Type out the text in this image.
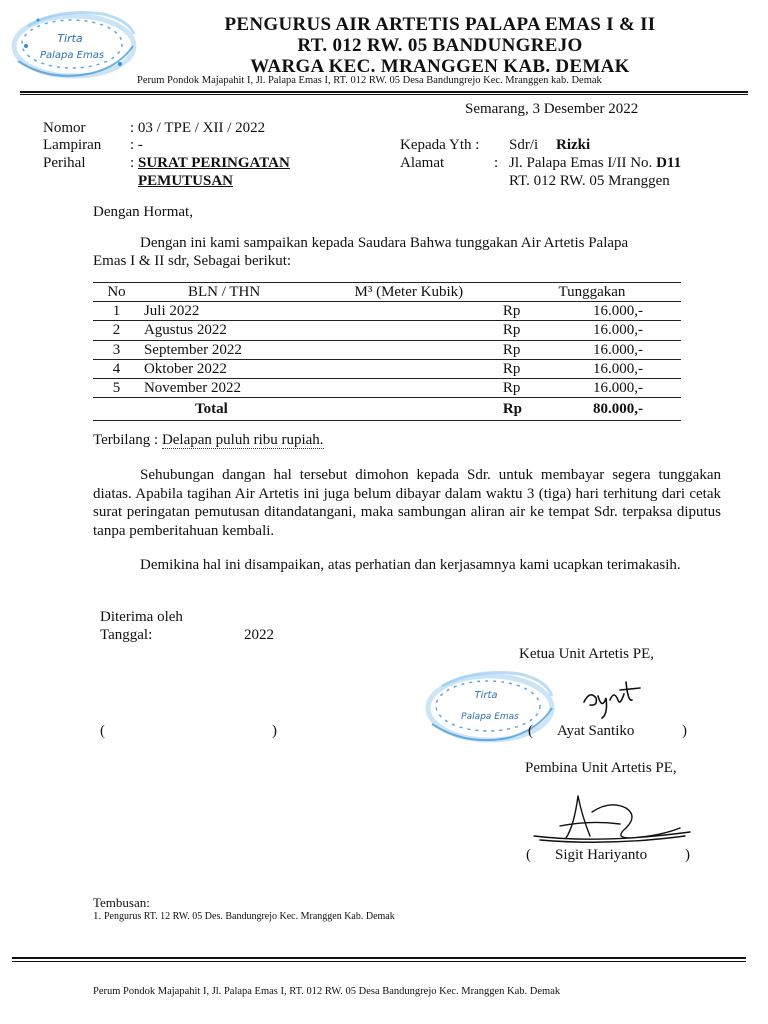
Tirta
Palapa Emas
PENGURUS AIR ARTETIS PALAPA EMAS I & II
RT. 012 RW. 05 BANDUNGREJO
WARGA KEC. MRANGGEN KAB. DEMAK
Perum Pondok Majapahit I, Jl. Palapa Emas I, RT. 012 RW. 05 Desa Bandungrejo Kec. Mranggen kab. Demak
Semarang, 3 Desember 2022
Nomor	: 03 / TPE / XII / 2022
Lampiran : -
Perihal	: SURAT PERINGATAN
PEMUTUSAN
Kepada Yth : Sdr/i Rizki
Alamat	: Jl. Palapa Emas I/II No. D11
RT. 012 RW. 05 Mranggen
Dengan Hormat,
Dengan ini kami sampaikan kepada Saudara Bahwa tunggakan Air Artetis Palapa
Emas I & II sdr, Sebagai berikut:
No	BLN / THN	M³ (Meter Kubik)	Tunggakan	
1	Juli 2022		Rp	16.000,-
2	Agustus 2022		Rp	16.000,-
3	September 2022		Rp	16.000,-
4	Oktober 2022		Rp	16.000,-
5	November 2022		Rp	16.000,-
	Total		Rp	80.000,-
Terbilang : Delapan puluh ribu rupiah.
Sehubungan dangan hal tersebut dimohon kepada Sdr. untuk membayar segera tunggakan diatas. Apabila tagihan Air Artetis ini juga belum dibayar dalam waktu 3 (tiga) hari terhitung dari cetak surat peringatan pemutusan ditandatangani, maka sambungan aliran air ke tempat Sdr. terpaksa diputus tanpa pemberitahuan kembali.
Demikina hal ini disampaikan, atas perhatian dan kerjasamnya kami ucapkan terimakasih.
Diterima oleh
Tanggal:	2022
(	)
Ketua Unit Artetis PE,
Tirta
Palapa Emas
( Ayat Santiko	)
Pembina Unit Artetis PE,
( Sigit Hariyanto	)
Tembusan:
1. Pengurus RT. 12 RW. 05 Des. Bandungrejo Kec. Mranggen Kab. Demak
Perum Pondok Majapahit I, Jl. Palapa Emas I, RT. 012 RW. 05 Desa Bandungrejo Kec. Mranggen Kab. Demak
